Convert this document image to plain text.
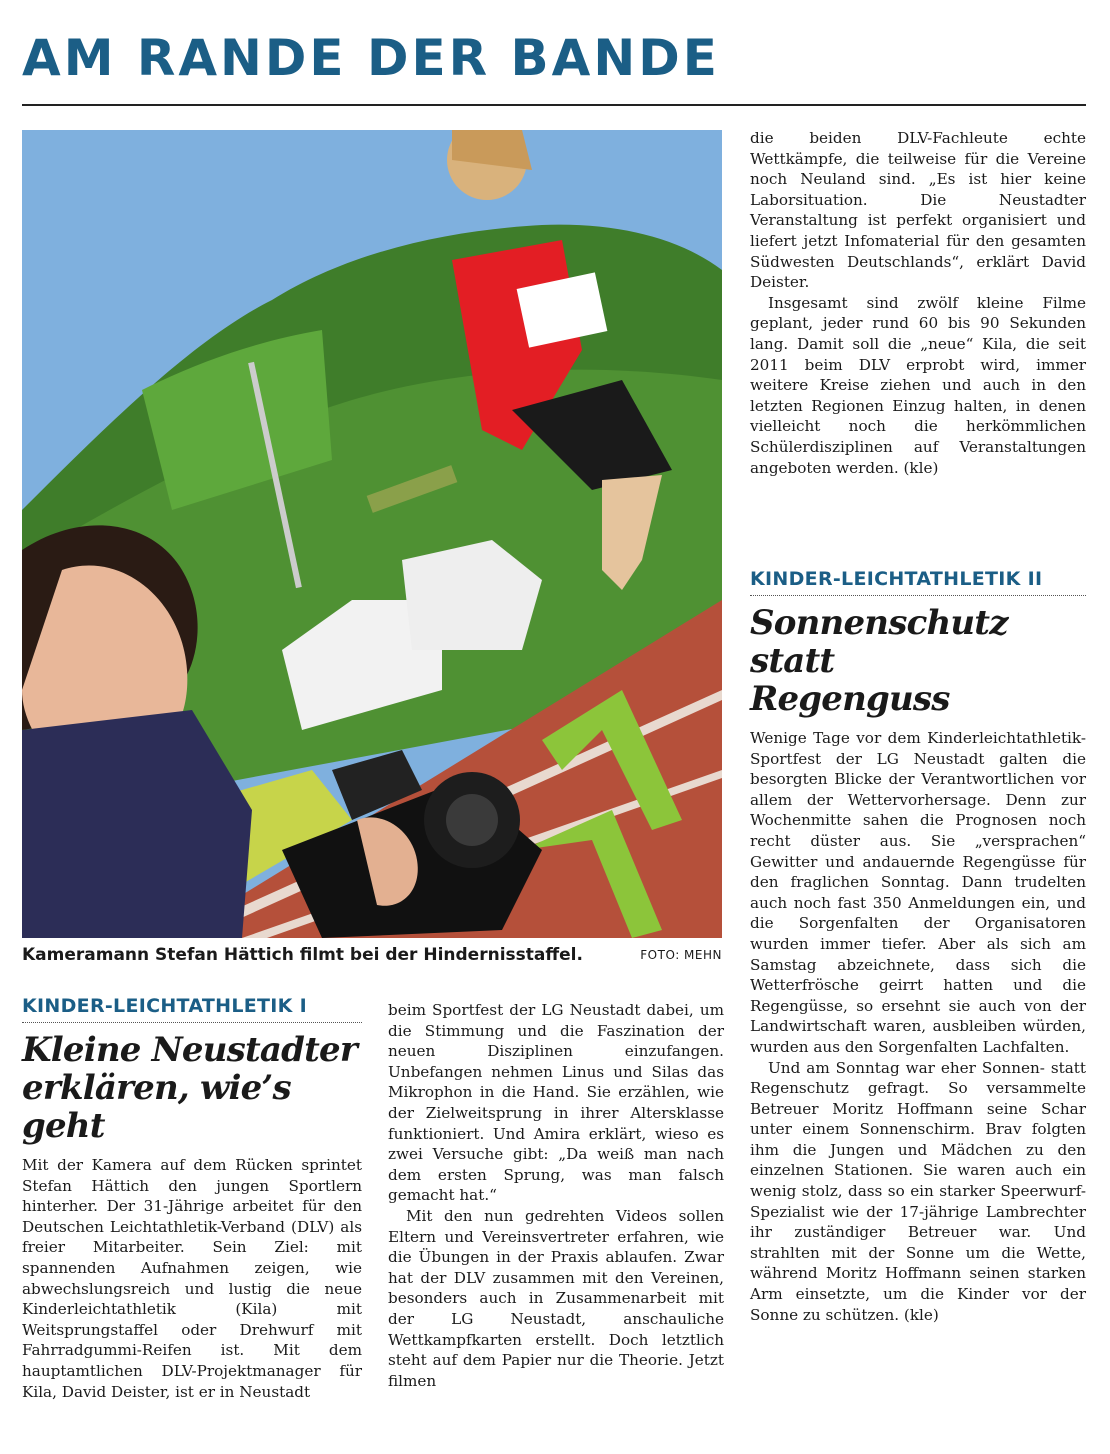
AM RANDE DER BANDE
Kameramann Stefan Hättich filmt bei der Hindernisstaffel.	FOTO: MEHN
KINDER-LEICHTATHLETIK I
Kleine Neustadter
erklären, wie’s geht

Mit der Kamera auf dem Rücken sprintet Stefan Hättich den jungen Sportlern hinterher. Der 31-Jährige arbeitet für den Deutschen Leichtathletik-Verband (DLV) als freier Mitarbeiter. Sein Ziel: mit spannenden Aufnahmen zeigen, wie abwechslungsreich und lustig die neue Kinderleichtathletik (Kila) mit Weitsprungstaffel oder Drehwurf mit Fahrradgummi-Reifen ist. Mit dem hauptamtlichen DLV-Projektmanager für Kila, David Deister, ist er in Neustadt

beim Sportfest der LG Neustadt dabei, um die Stimmung und die Faszination der neuen Disziplinen einzufangen. Unbefangen nehmen Linus und Silas das Mikrophon in die Hand. Sie erzählen, wie der Zielweitsprung in ihrer Altersklasse funktioniert. Und Amira erklärt, wieso es zwei Versuche gibt: „Da weiß man nach dem ersten Sprung, was man falsch gemacht hat.“

Mit den nun gedrehten Videos sollen Eltern und Vereinsvertreter erfahren, wie die Übungen in der Praxis ablaufen. Zwar hat der DLV zusammen mit den Vereinen, besonders auch in Zusammenarbeit mit der LG Neustadt, anschauliche Wettkampfkarten erstellt. Doch letztlich steht auf dem Papier nur die Theorie. Jetzt filmen

die beiden DLV-Fachleute echte Wettkämpfe, die teilweise für die Vereine noch Neuland sind. „Es ist hier keine Laborsituation. Die Neustadter Veranstaltung ist perfekt organisiert und liefert jetzt Infomaterial für den gesamten Südwesten Deutschlands“, erklärt David Deister.

Insgesamt sind zwölf kleine Filme geplant, jeder rund 60 bis 90 Sekunden lang. Damit soll die „neue“ Kila, die seit 2011 beim DLV erprobt wird, immer weitere Kreise ziehen und auch in den letzten Regionen Einzug halten, in denen vielleicht noch die herkömmlichen Schülerdisziplinen auf Veranstaltungen angeboten werden. (kle)

KINDER-LEICHTATHLETIK II
Sonnenschutz statt
Regenguss

Wenige Tage vor dem Kinderleichtathletik-Sportfest der LG Neustadt galten die besorgten Blicke der Verantwortlichen vor allem der Wettervorhersage. Denn zur Wochenmitte sahen die Prognosen noch recht düster aus. Sie „versprachen“ Gewitter und andauernde Regengüsse für den fraglichen Sonntag. Dann trudelten auch noch fast 350 Anmeldungen ein, und die Sorgenfalten der Organisatoren wurden immer tiefer. Aber als sich am Samstag abzeichnete, dass sich die Wetterfrösche geirrt hatten und die Regengüsse, so ersehnt sie auch von der Landwirtschaft waren, ausbleiben würden, wurden aus den Sorgenfalten Lachfalten.

Und am Sonntag war eher Sonnen- statt Regenschutz gefragt. So versammelte Betreuer Moritz Hoffmann seine Schar unter einem Sonnenschirm. Brav folgten ihm die Jungen und Mädchen zu den einzelnen Stationen. Sie waren auch ein wenig stolz, dass so ein starker Speerwurf-Spezialist wie der 17-jährige Lambrechter ihr zuständiger Betreuer war. Und strahlten mit der Sonne um die Wette, während Moritz Hoffmann seinen starken Arm einsetzte, um die Kinder vor der Sonne zu schützen. (kle)
